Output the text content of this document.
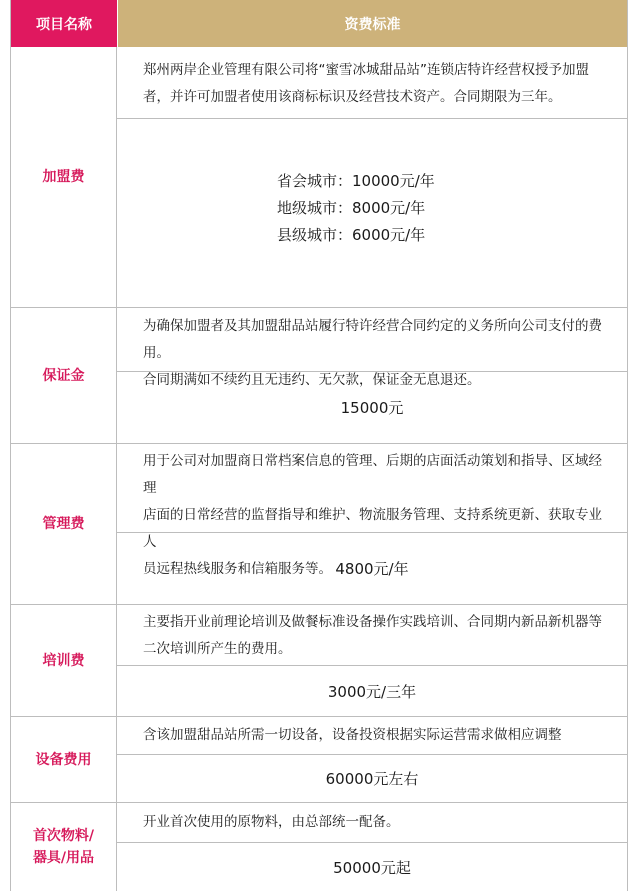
项目名称	资费标准
加盟费

郑州两岸企业管理有限公司将“蜜雪冰城甜品站”连锁店特许经营权授予加盟

者，并许可加盟者使用该商标标识及经营技术资产。合同期限为三年。

省会城市：10000元/年
地级城市：8000元/年
县级城市：6000元/年
保证金

为确保加盟者及其加盟甜品站履行特许经营合同约定的义务所向公司支付的费用。

合同期满如不续约且无违约、无欠款，保证金无息退还。

15000元
管理费

用于公司对加盟商日常档案信息的管理、后期的店面活动策划和指导、区域经理

店面的日常经营的监督指导和维护、物流服务管理、支持系统更新、获取专业人

员远程热线服务和信箱服务等。 4800元/年
培训费

主要指开业前理论培训及做餐标准设备操作实践培训、合同期内新品新机器等

二次培训所产生的费用。

3000元/三年
设备费用

含该加盟甜品站所需一切设备，设备投资根据实际运营需求做相应调整

60000元左右
首次物料/
器具/用品

开业首次使用的原物料，由总部统一配备。

50000元起
